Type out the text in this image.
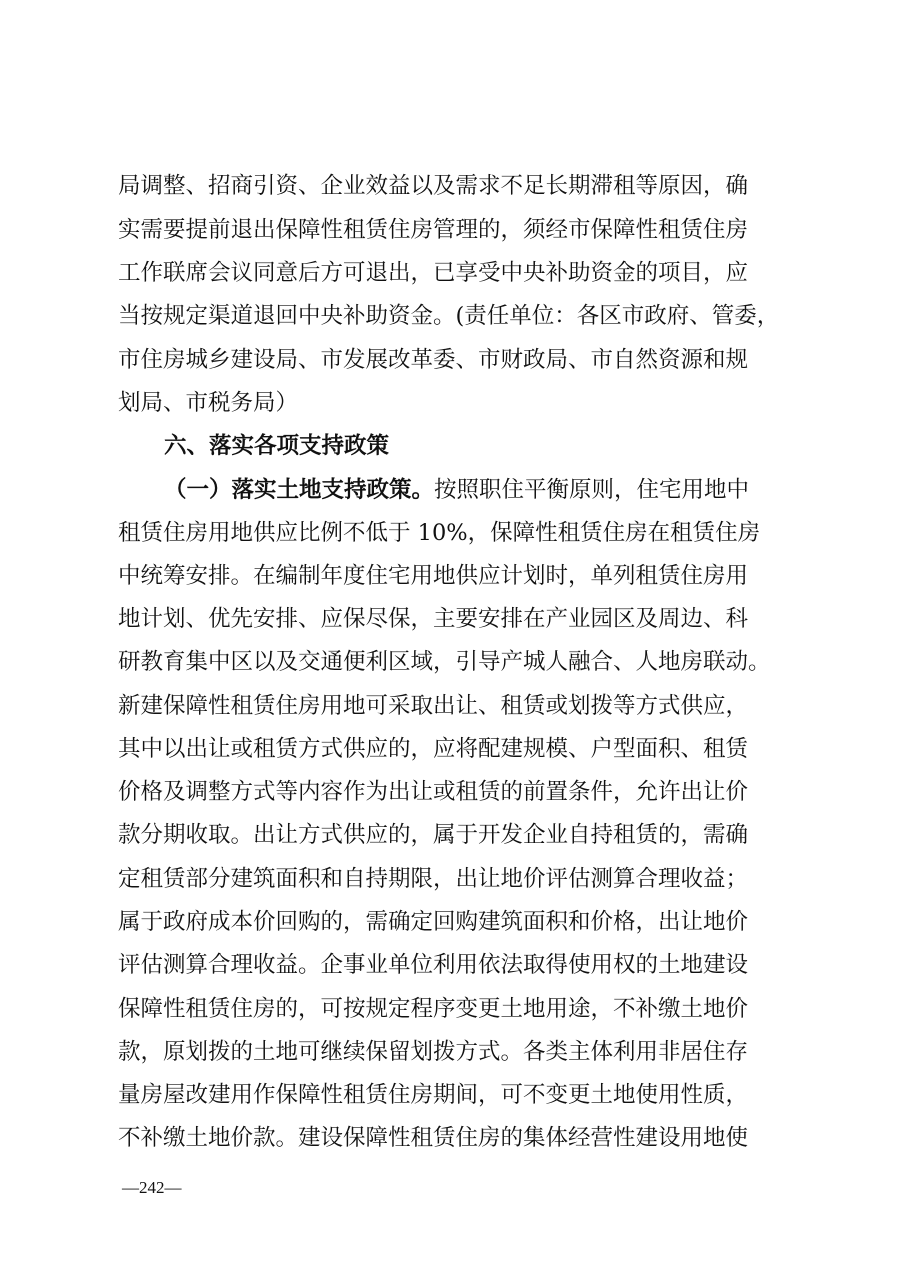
局调整、招商引资、企业效益以及需求不足长期滞租等原因，确
实需要提前退出保障性租赁住房管理的，须经市保障性租赁住房
工作联席会议同意后方可退出，已享受中央补助资金的项目，应
当按规定渠道退回中央补助资金。(责任单位：各区市政府、管委，
市住房城乡建设局、市发展改革委、市财政局、市自然资源和规
划局、市税务局）
六、落实各项支持政策
（一）落实土地支持政策。按照职住平衡原则，住宅用地中
租赁住房用地供应比例不低于 10%，保障性租赁住房在租赁住房
中统筹安排。在编制年度住宅用地供应计划时，单列租赁住房用
地计划、优先安排、应保尽保，主要安排在产业园区及周边、科
研教育集中区以及交通便利区域，引导产城人融合、人地房联动。
新建保障性租赁住房用地可采取出让、租赁或划拨等方式供应，
其中以出让或租赁方式供应的，应将配建规模、户型面积、租赁
价格及调整方式等内容作为出让或租赁的前置条件，允许出让价
款分期收取。出让方式供应的，属于开发企业自持租赁的，需确
定租赁部分建筑面积和自持期限，出让地价评估测算合理收益；
属于政府成本价回购的，需确定回购建筑面积和价格，出让地价
评估测算合理收益。企事业单位利用依法取得使用权的土地建设
保障性租赁住房的，可按规定程序变更土地用途，不补缴土地价
款，原划拨的土地可继续保留划拨方式。各类主体利用非居住存
量房屋改建用作保障性租赁住房期间，可不变更土地使用性质，
不补缴土地价款。建设保障性租赁住房的集体经营性建设用地使
—242—
